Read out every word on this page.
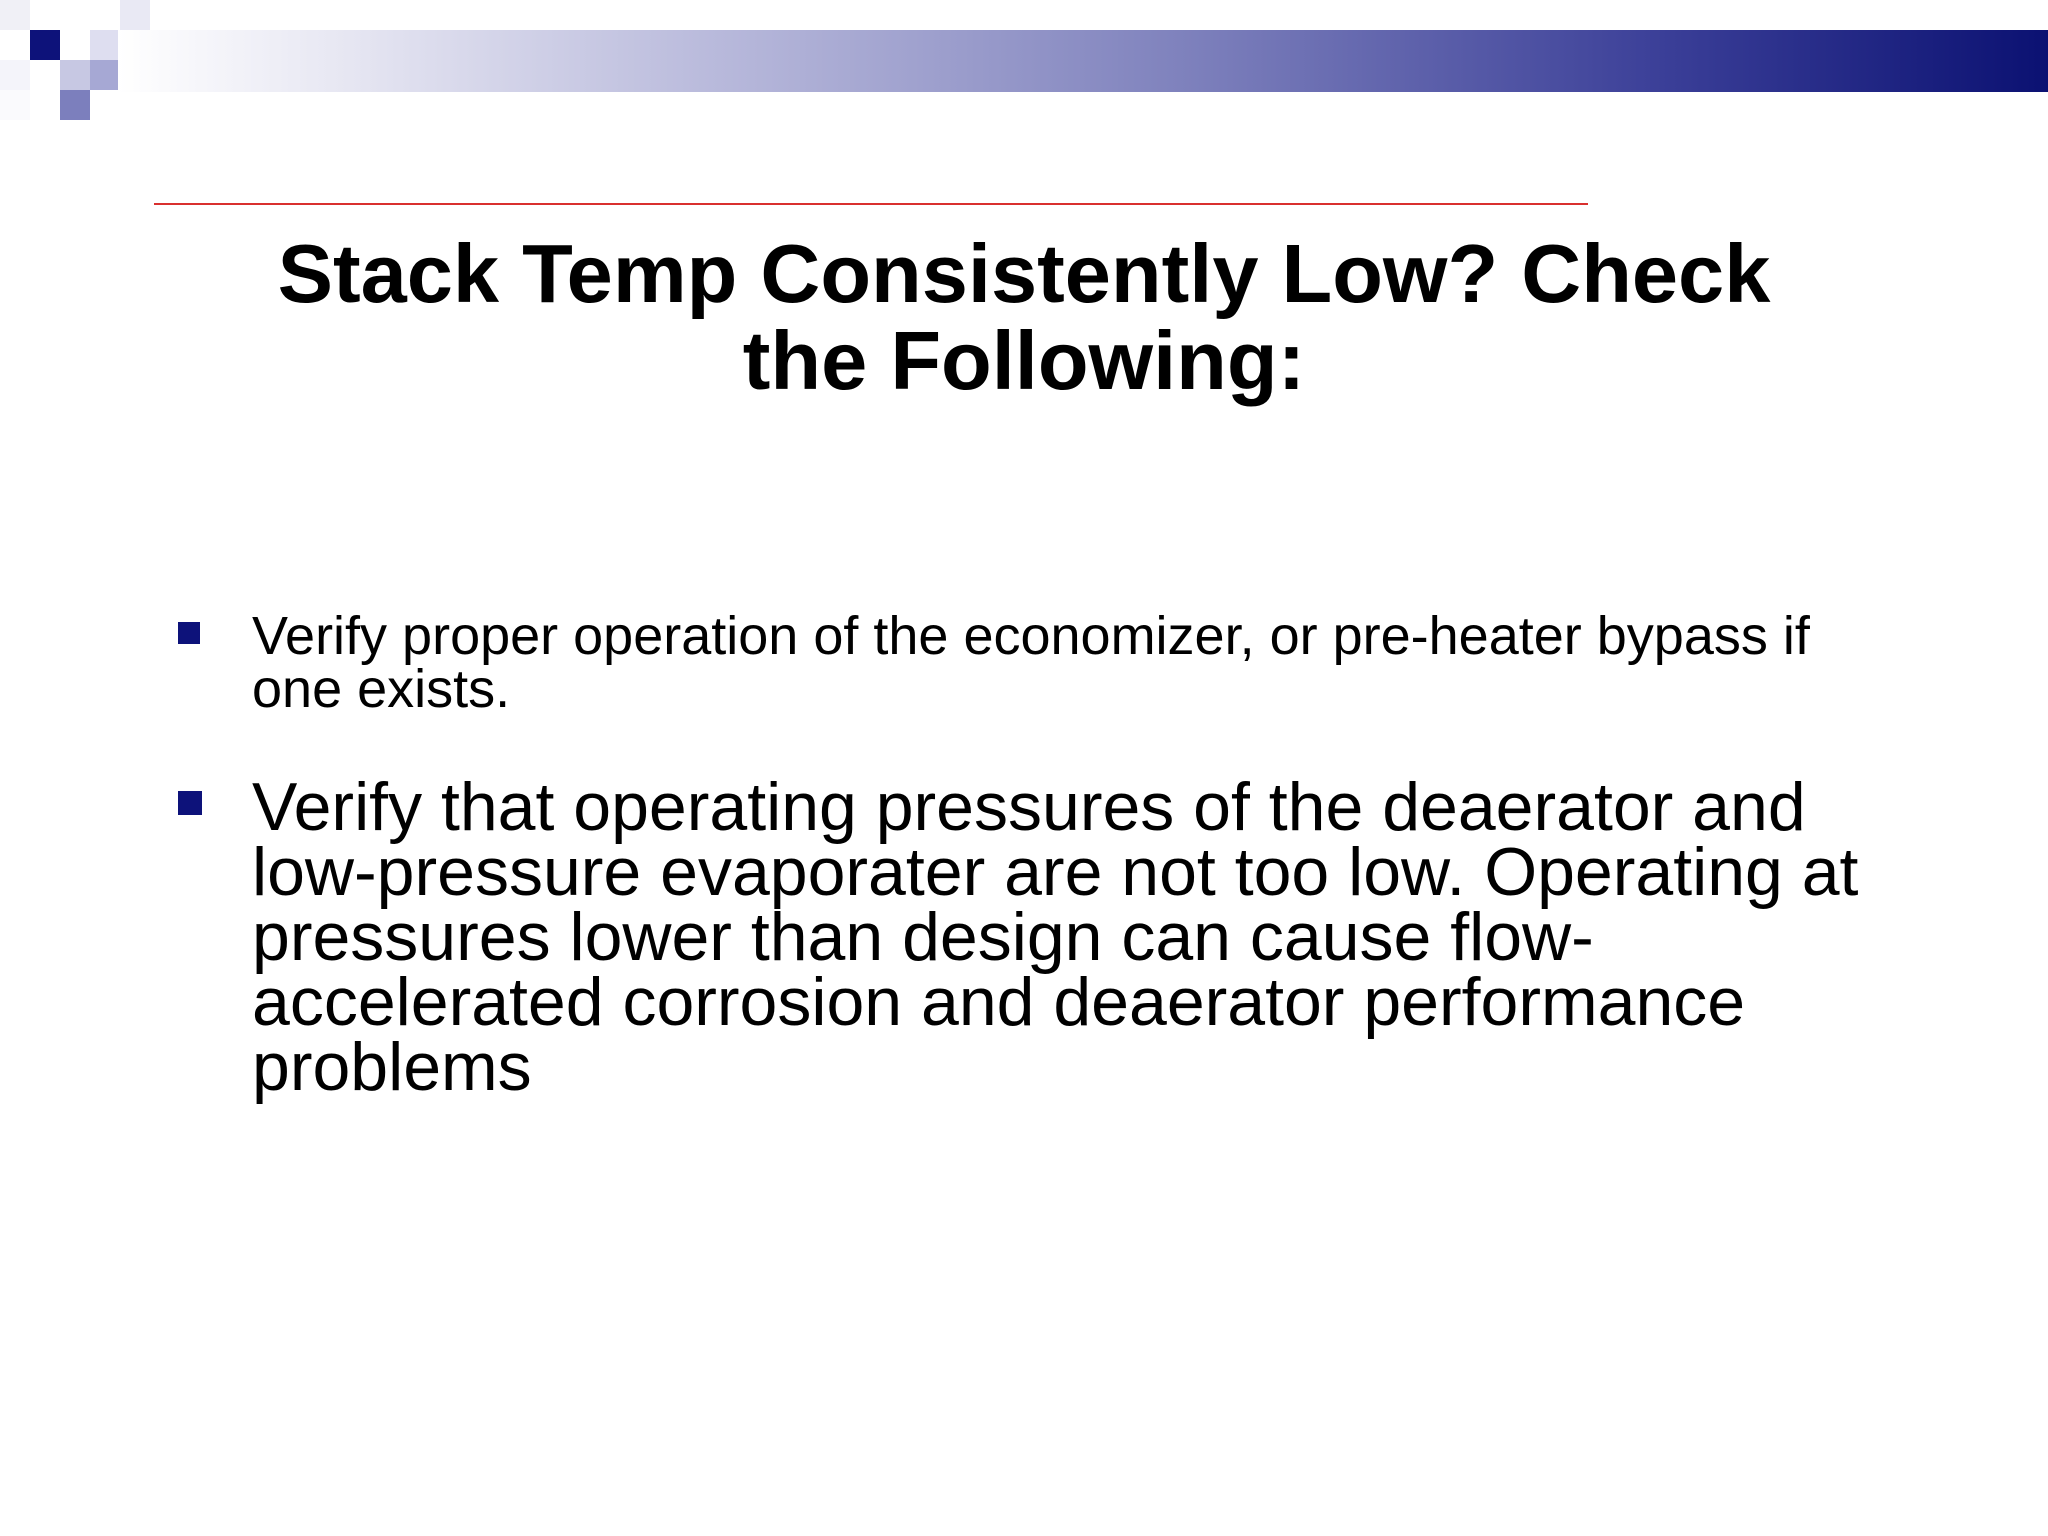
Stack Temp Consistently Low? Check
the Following:
Verify proper operation of the economizer, or pre-heater bypass if one exists.
Verify that operating pressures of the deaerator and low-pressure evaporater are not too low. Operating at pressures lower than design can cause flow-accelerated corrosion and deaerator performance problems
